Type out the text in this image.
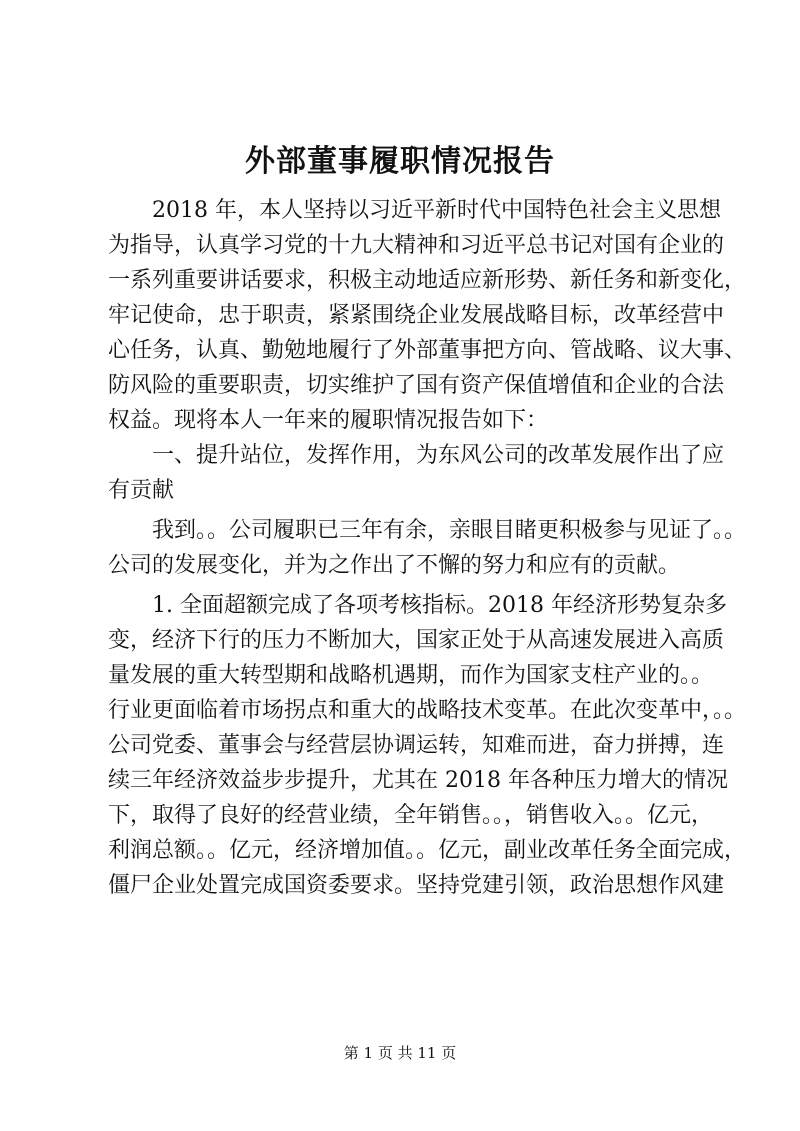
外部董事履职情况报告

　　2018 年，本人坚持以习近平新时代中国特色社会主义思想

为指导，认真学习党的十九大精神和习近平总书记对国有企业的

一系列重要讲话要求，积极主动地适应新形势、新任务和新变化，

牢记使命，忠于职责，紧紧围绕企业发展战略目标，改革经营中

心任务，认真、勤勉地履行了外部董事把方向、管战略、议大事、

防风险的重要职责，切实维护了国有资产保值增值和企业的合法

权益。现将本人一年来的履职情况报告如下：

　　一、提升站位，发挥作用，为东风公司的改革发展作出了应

有贡献

　　我到。。公司履职已三年有余，亲眼目睹更积极参与见证了。。

公司的发展变化，并为之作出了不懈的努力和应有的贡献。

　　1. 全面超额完成了各项考核指标。2018 年经济形势复杂多

变，经济下行的压力不断加大，国家正处于从高速发展进入高质

量发展的重大转型期和战略机遇期，而作为国家支柱产业的。。

行业更面临着市场拐点和重大的战略技术变革。在此次变革中，。。

公司党委、董事会与经营层协调运转，知难而进，奋力拼搏，连

续三年经济效益步步提升，尤其在 2018 年各种压力增大的情况

下，取得了良好的经营业绩，全年销售。。，销售收入。。亿元，

利润总额。。亿元，经济增加值。。亿元，副业改革任务全面完成，

僵尸企业处置完成国资委要求。坚持党建引领，政治思想作风建

第 1 页 共 11 页
